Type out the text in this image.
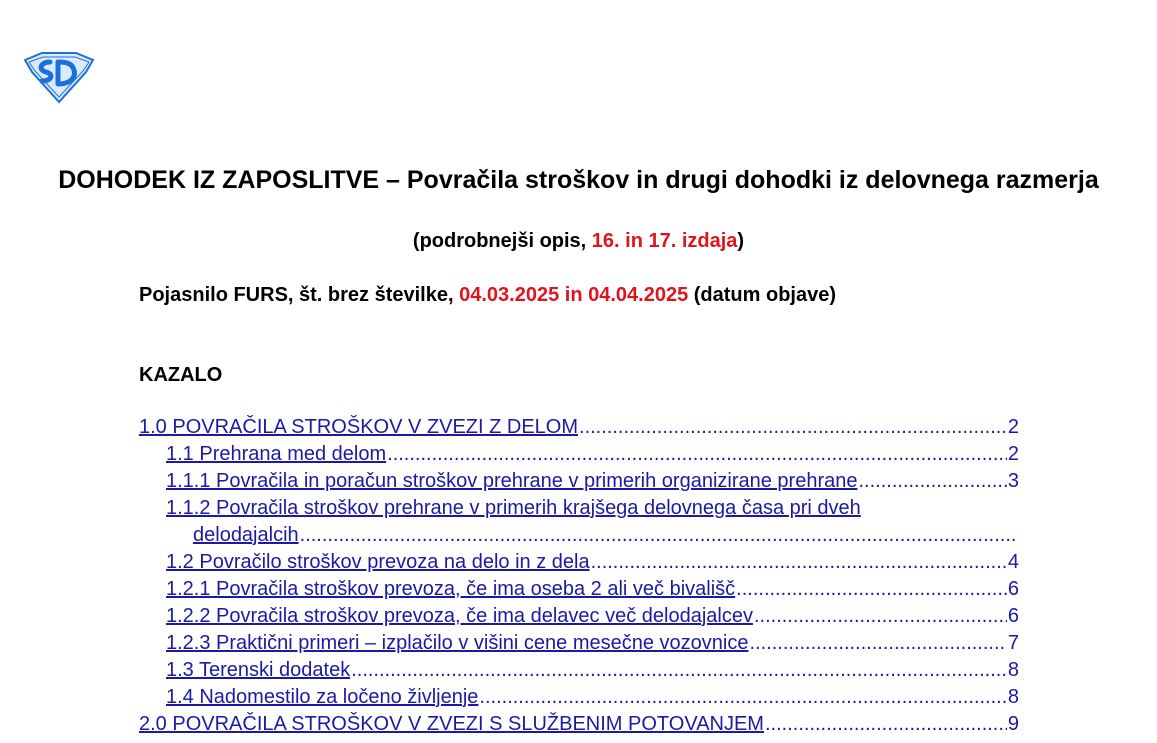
DOHODEK IZ ZAPOSLITVE – Povračila stroškov in drugi dohodki iz delovnega razmerja
(podrobnejši opis, 16. in 17. izdaja)
Pojasnilo FURS, št. brez številke, 04.03.2025 in 04.04.2025 (datum objave)
KAZALO
1.0 POVRAČILA STROŠKOV V ZVEZI Z DELOM .....	2
1.1 Prehrana med delom .....	2
1.1.1 Povračila in poračun stroškov prehrane v primerih organizirane prehrane .....	3
1.1.2 Povračila stroškov prehrane v primerih krajšega delovnega časa pri dveh
delodajalcih
.....
1.2 Povračilo stroškov prevoza na delo in z dela .....	4
1.2.1 Povračila stroškov prevoza, če ima oseba 2 ali več bivališč .....	6
1.2.2 Povračila stroškov prevoza, če ima delavec več delodajalcev .....	6
1.2.3 Praktični primeri – izplačilo v višini cene mesečne vozovnice .....	7
1.3 Terenski dodatek .....	8
1.4 Nadomestilo za ločeno življenje .....	8
2.0 POVRAČILA STROŠKOV V ZVEZI S SLUŽBENIM POTOVANJEM .....	9
